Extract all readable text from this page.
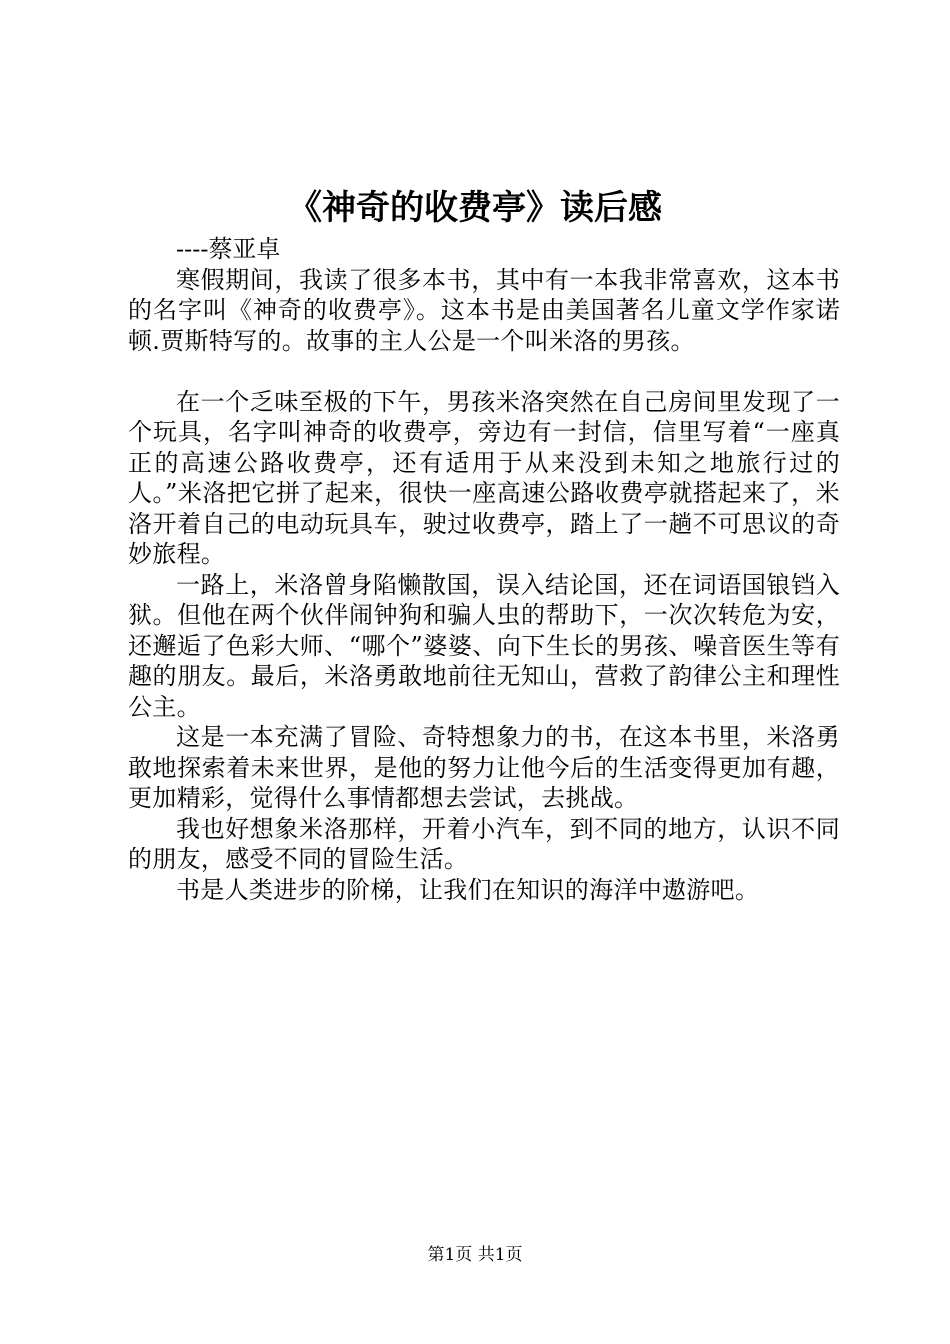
《神奇的收费亭》读后感

----蔡亚卓

寒假期间，我读了很多本书，其中有一本我非常喜欢，这本书的名字叫《神奇的收费亭》。这本书是由美国著名儿童文学作家诺顿.贾斯特写的。故事的主人公是一个叫米洛的男孩。

在一个乏味至极的下午，男孩米洛突然在自己房间里发现了一个玩具，名字叫神奇的收费亭，旁边有一封信，信里写着“一座真正的高速公路收费亭，还有适用于从来没到未知之地旅行过的人。”米洛把它拼了起来，很快一座高速公路收费亭就搭起来了，米洛开着自己的电动玩具车，驶过收费亭，踏上了一趟不可思议的奇妙旅程。

一路上，米洛曾身陷懒散国，误入结论国，还在词语国锒铛入狱。但他在两个伙伴闹钟狗和骗人虫的帮助下，一次次转危为安，还邂逅了色彩大师、“哪个”婆婆、向下生长的男孩、噪音医生等有趣的朋友。最后，米洛勇敢地前往无知山，营救了韵律公主和理性公主。

这是一本充满了冒险、奇特想象力的书，在这本书里，米洛勇敢地探索着未来世界，是他的努力让他今后的生活变得更加有趣，更加精彩，觉得什么事情都想去尝试，去挑战。

我也好想象米洛那样，开着小汽车，到不同的地方，认识不同的朋友，感受不同的冒险生活。

书是人类进步的阶梯，让我们在知识的海洋中遨游吧。

第1页 共1页
